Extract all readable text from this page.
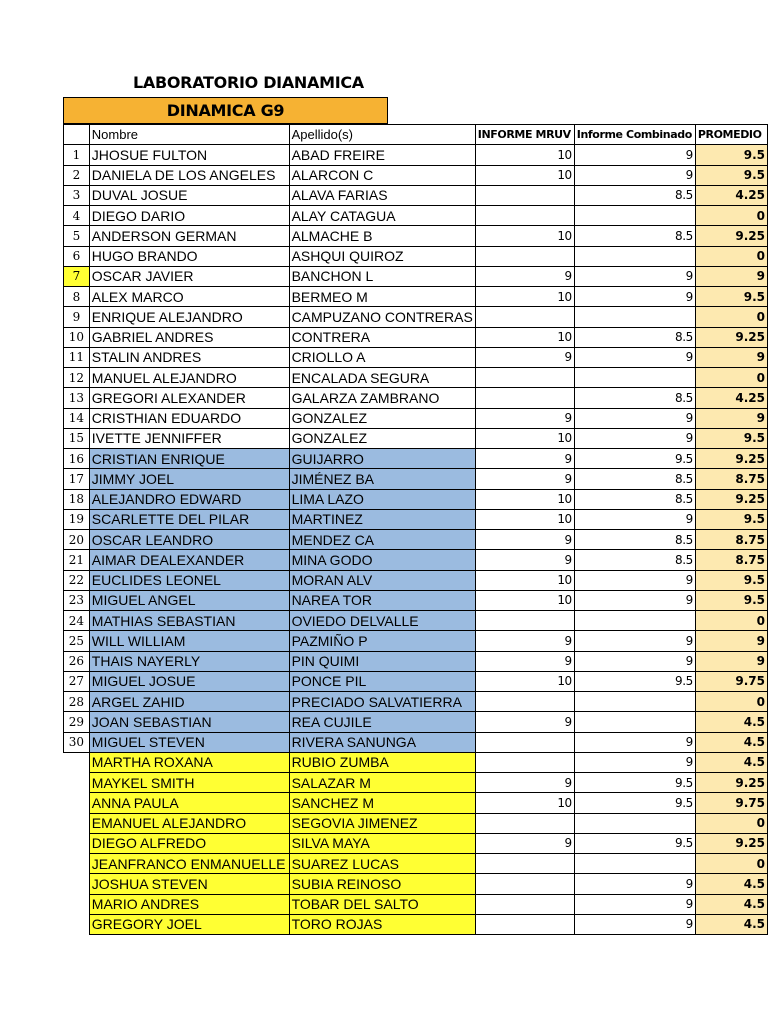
LABORATORIO DIANAMICA
DINAMICA G9
	Nombre	Apellido(s)	INFORME MRUV	Informe Combinado	PROMEDIO
1	JHOSUE FULTON	ABAD FREIRE	10	9	9.5
2	DANIELA DE LOS ANGELES	ALARCON C	10	9	9.5
3	DUVAL JOSUE	ALAVA FARIAS		8.5	4.25
4	DIEGO DARIO	ALAY CATAGUA			0
5	ANDERSON GERMAN	ALMACHE B	10	8.5	9.25
6	HUGO BRANDO	ASHQUI QUIROZ			0
7	OSCAR JAVIER	BANCHON L	9	9	9
8	ALEX MARCO	BERMEO M	10	9	9.5
9	ENRIQUE ALEJANDRO	CAMPUZANO CONTRERAS			0
10	GABRIEL ANDRES	CONTRERA	10	8.5	9.25
11	STALIN ANDRES	CRIOLLO A	9	9	9
12	MANUEL ALEJANDRO	ENCALADA SEGURA			0
13	GREGORI ALEXANDER	GALARZA ZAMBRANO		8.5	4.25
14	CRISTHIAN EDUARDO	GONZALEZ	9	9	9
15	IVETTE JENNIFFER	GONZALEZ	10	9	9.5
16	CRISTIAN ENRIQUE	GUIJARRO	9	9.5	9.25
17	JIMMY JOEL	JIMÉNEZ BA	9	8.5	8.75
18	ALEJANDRO EDWARD	LIMA LAZO	10	8.5	9.25
19	SCARLETTE DEL PILAR	MARTINEZ	10	9	9.5
20	OSCAR LEANDRO	MENDEZ CA	9	8.5	8.75
21	AIMAR DEALEXANDER	MINA GODO	9	8.5	8.75
22	EUCLIDES LEONEL	MORAN ALV	10	9	9.5
23	MIGUEL ANGEL	NAREA TOR	10	9	9.5
24	MATHIAS SEBASTIAN	OVIEDO DELVALLE			0
25	WILL WILLIAM	PAZMIÑO P	9	9	9
26	THAIS NAYERLY	PIN QUIMI	9	9	9
27	MIGUEL JOSUE	PONCE PIL	10	9.5	9.75
28	ARGEL ZAHID	PRECIADO SALVATIERRA			0
29	JOAN SEBASTIAN	REA CUJILE	9		4.5
30	MIGUEL STEVEN	RIVERA SANUNGA		9	4.5
	MARTHA ROXANA	RUBIO ZUMBA		9	4.5
	MAYKEL SMITH	SALAZAR M	9	9.5	9.25
	ANNA PAULA	SANCHEZ M	10	9.5	9.75
	EMANUEL ALEJANDRO	SEGOVIA JIMENEZ			0
	DIEGO ALFREDO	SILVA MAYA	9	9.5	9.25
	JEANFRANCO ENMANUELLE	SUAREZ LUCAS			0
	JOSHUA STEVEN	SUBIA REINOSO		9	4.5
	MARIO ANDRES	TOBAR DEL SALTO		9	4.5
	GREGORY JOEL	TORO ROJAS		9	4.5
